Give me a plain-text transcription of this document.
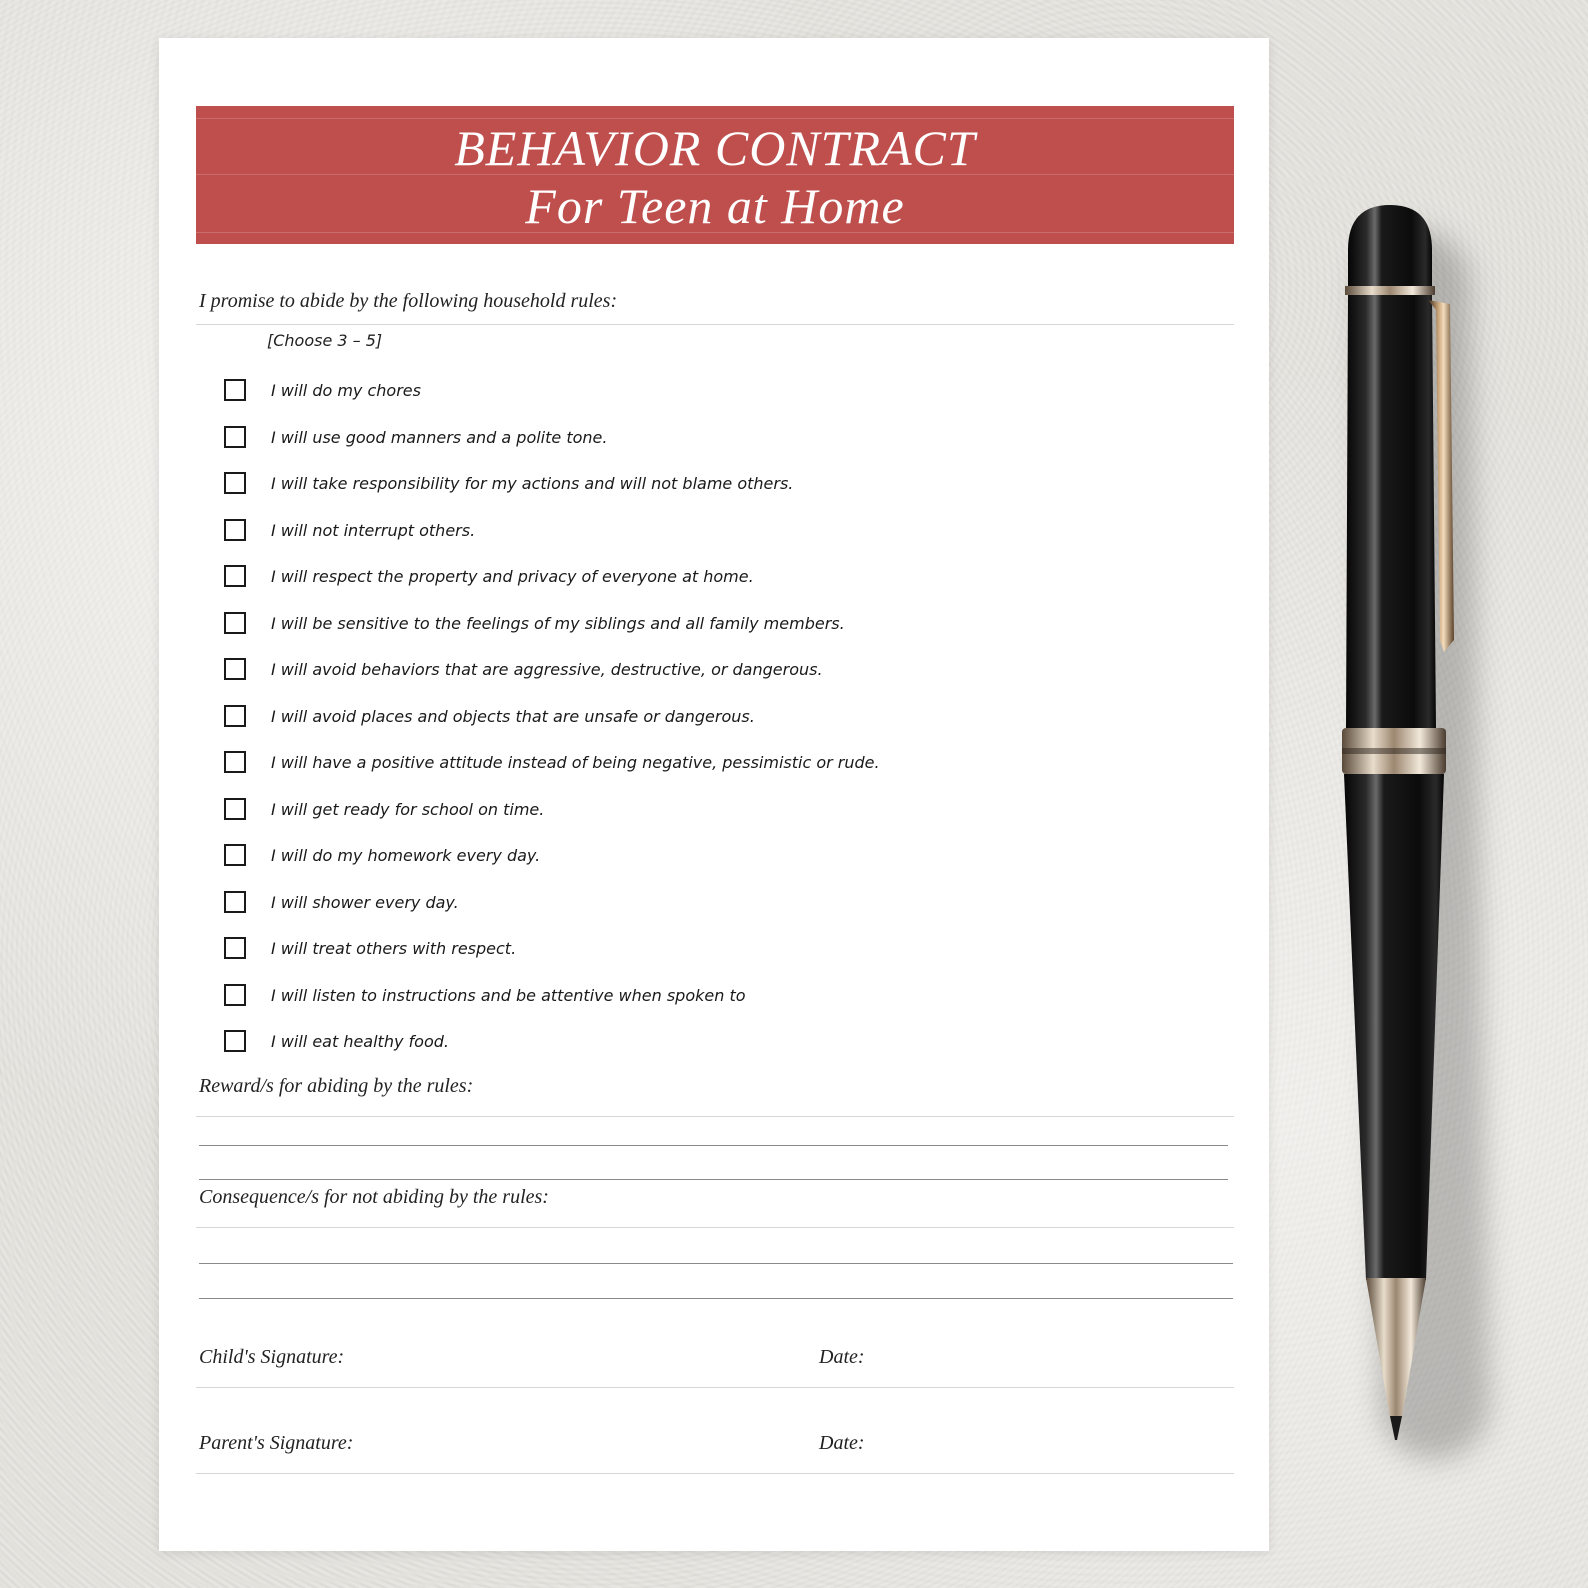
BEHAVIOR CONTRACT
For Teen at Home
I promise to abide by the following household rules:
[Choose 3 – 5]
I will do my chores
I will use good manners and a polite tone.
I will take responsibility for my actions and will not blame others.
I will not interrupt others.
I will respect the property and privacy of everyone at home.
I will be sensitive to the feelings of my siblings and all family members.
I will avoid behaviors that are aggressive, destructive, or dangerous.
I will avoid places and objects that are unsafe or dangerous.
I will have a positive attitude instead of being negative, pessimistic or rude.
I will get ready for school on time.
I will do my homework every day.
I will shower every day.
I will treat others with respect.
I will listen to instructions and be attentive when spoken to
I will eat healthy food.
Reward/s for abiding by the rules:
Consequence/s for not abiding by the rules:
Child's Signature:	Date:
Parent's Signature:	Date:
